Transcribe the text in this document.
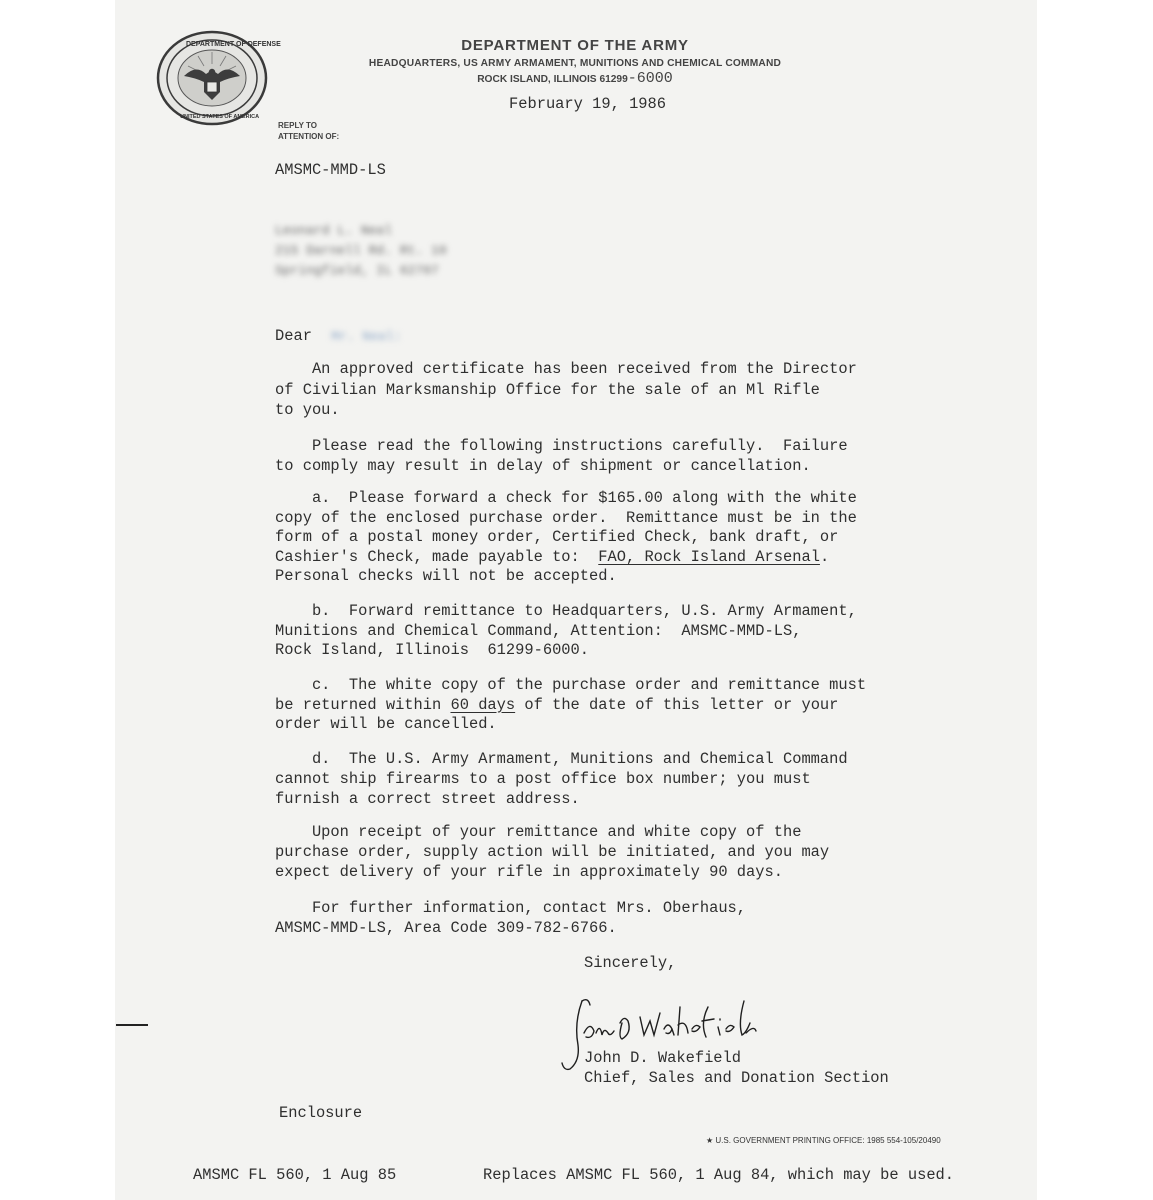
DEPARTMENT OF DEFENSE
UNITED STATES OF AMERICA
DEPARTMENT OF THE ARMY
HEADQUARTERS, US ARMY ARMAMENT, MUNITIONS AND CHEMICAL COMMAND
ROCK ISLAND, ILLINOIS 61299-6000
February 19, 1986
REPLY TO
ATTENTION OF:
AMSMC-MMD-LS
Leonard L. Neal
215 Darnell Rd. Rt. 10
Springfield, IL 62707
Dear Mr. Neal:
An approved certificate has been received from the Director
of Civilian Marksmanship Office for the sale of an Ml Rifle
to you.
Please read the following instructions carefully.  Failure
to comply may result in delay of shipment or cancellation.
a.  Please forward a check for $165.00 along with the white
copy of the enclosed purchase order.  Remittance must be in the
form of a postal money order, Certified Check, bank draft, or
Cashier's Check, made payable to:  FAO, Rock Island Arsenal.
Personal checks will not be accepted.
b.  Forward remittance to Headquarters, U.S. Army Armament,
Munitions and Chemical Command, Attention:  AMSMC-MMD-LS,
Rock Island, Illinois  61299-6000.
c.  The white copy of the purchase order and remittance must
be returned within 60 days of the date of this letter or your
order will be cancelled.
d.  The U.S. Army Armament, Munitions and Chemical Command
cannot ship firearms to a post office box number; you must
furnish a correct street address.
Upon receipt of your remittance and white copy of the
purchase order, supply action will be initiated, and you may
expect delivery of your rifle in approximately 90 days.
For further information, contact Mrs. Oberhaus,
AMSMC-MMD-LS, Area Code 309-782-6766.
Sincerely,
John D. Wakefield
Chief, Sales and Donation Section
Enclosure
★ U.S. GOVERNMENT PRINTING OFFICE: 1985 554-105/20490
AMSMC FL 560, 1 Aug 85	Replaces AMSMC FL 560, 1 Aug 84, which may be used.
